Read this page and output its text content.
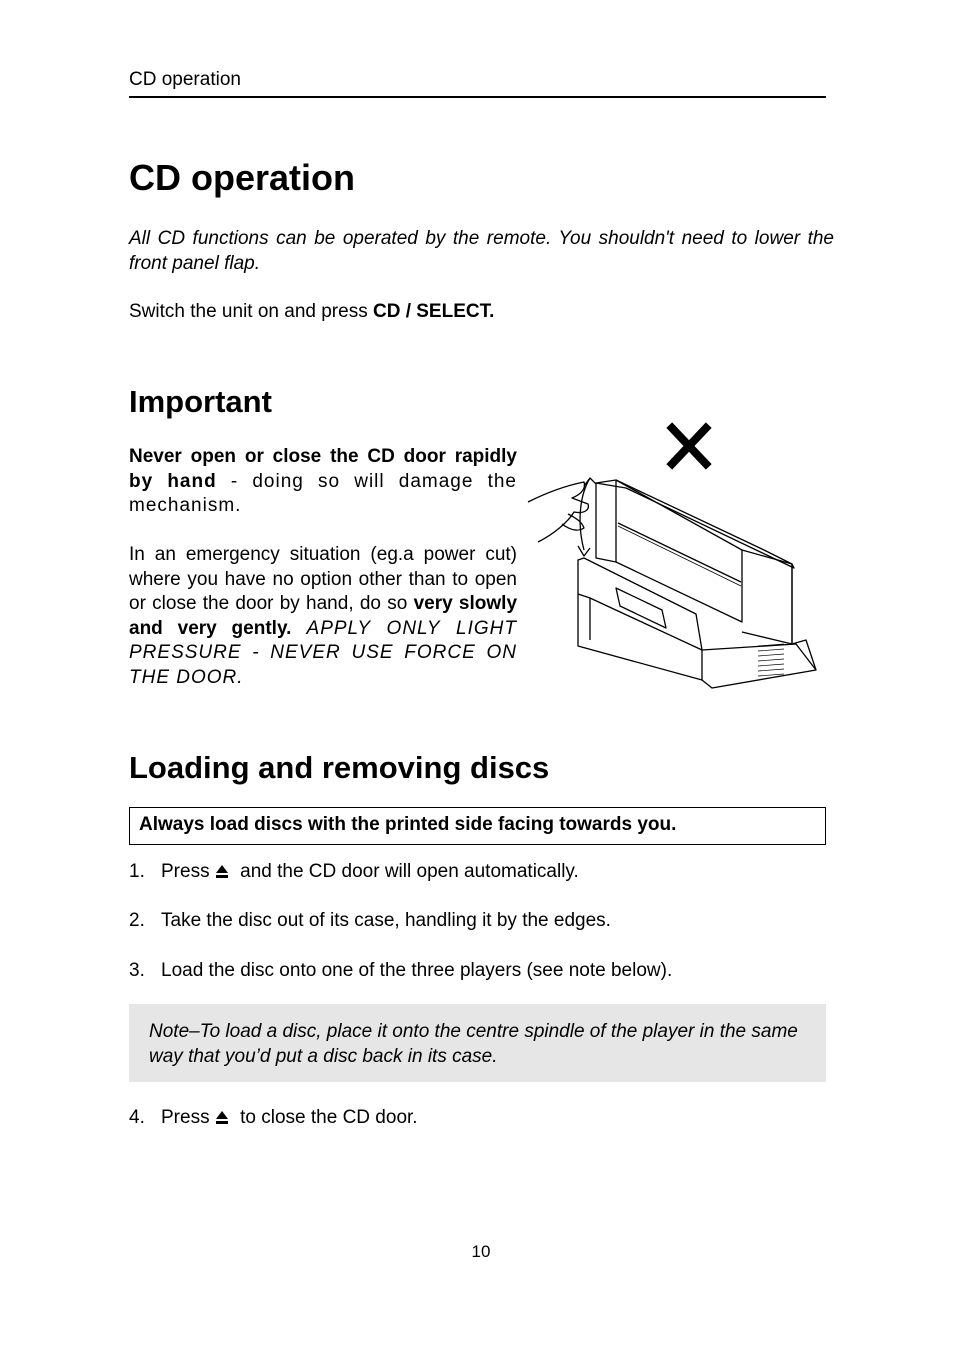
CD operation
CD operation
All CD functions can be operated by the remote. You shouldn't need to lower the front panel flap.
Switch the unit on and press CD / SELECT.
Important

Never open or close the CD door rapidly by hand - doing so will damage the mechanism.

In an emergency situation (eg.a power cut) where you have no option other than to open or close the door by hand, do so very slowly and very gently. APPLY ONLY LIGHT PRESSURE - NEVER USE FORCE ON THE DOOR.

Loading and removing discs
Always load discs with the printed side facing towards you.
1. Press
and the CD door will open automatically.
2. Take the disc out of its case, handling it by the edges.
3. Load the disc onto one of the three players (see note below).
Note–To load a disc, place it onto the centre spindle of the player in the same way that you’d put a disc back in its case.
4. Press
to close the CD door.
10
